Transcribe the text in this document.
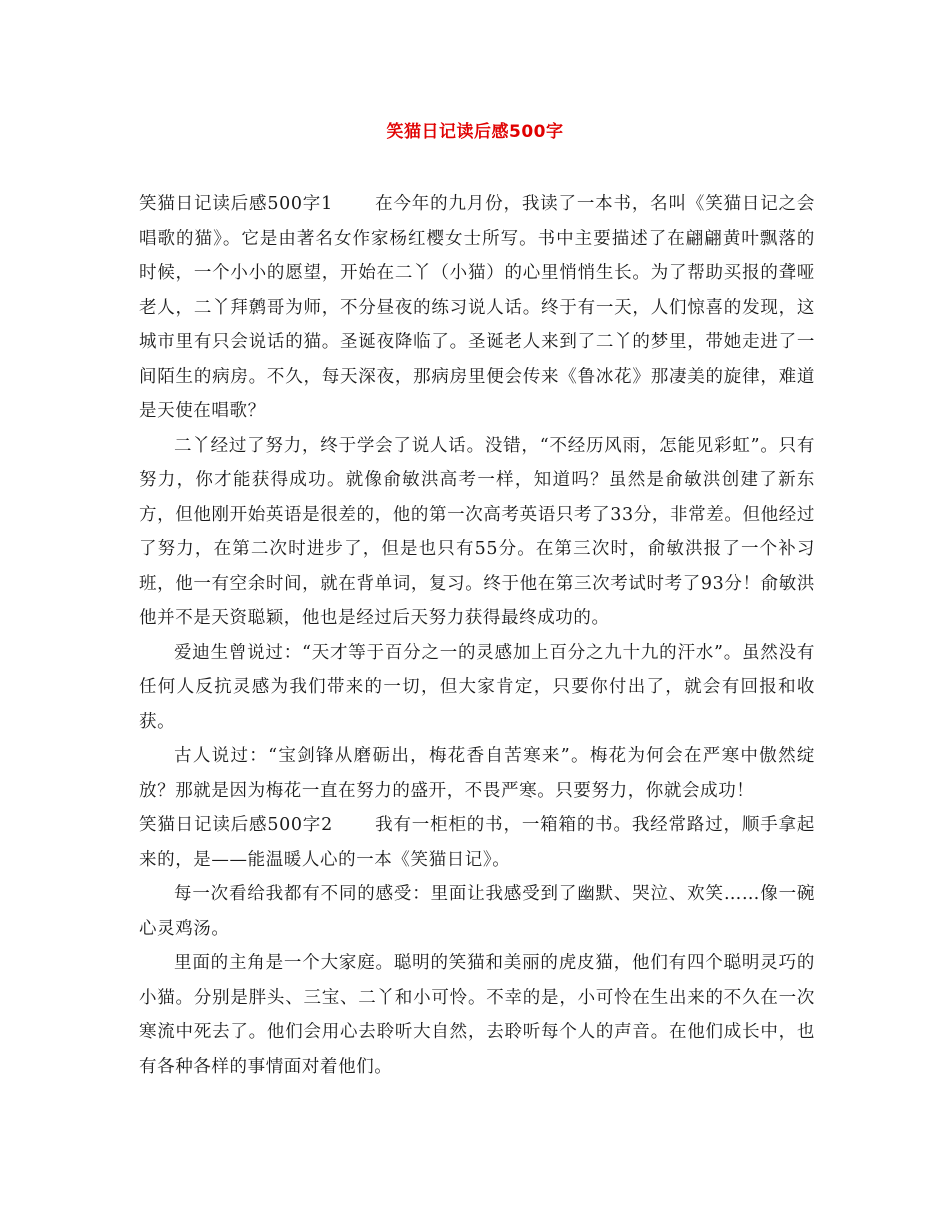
笑猫日记读后感500字

笑猫日记读后感500字1 在今年的九月份，我读了一本书，名叫《笑猫日记之会唱歌的猫》。它是由著名女作家杨红樱女士所写。书中主要描述了在翩翩黄叶飘落的时候，一个小小的愿望，开始在二丫（小猫）的心里悄悄生长。为了帮助买报的聋哑老人，二丫拜鹩哥为师，不分昼夜的练习说人话。终于有一天，人们惊喜的发现，这城市里有只会说话的猫。圣诞夜降临了。圣诞老人来到了二丫的梦里，带她走进了一间陌生的病房。不久，每天深夜，那病房里便会传来《鲁冰花》那凄美的旋律，难道是天使在唱歌？

二丫经过了努力，终于学会了说人话。没错，“不经历风雨，怎能见彩虹”。只有努力，你才能获得成功。就像俞敏洪高考一样，知道吗？虽然是俞敏洪创建了新东方，但他刚开始英语是很差的，他的第一次高考英语只考了33分，非常差。但他经过了努力，在第二次时进步了，但是也只有55分。在第三次时，俞敏洪报了一个补习班，他一有空余时间，就在背单词，复习。终于他在第三次考试时考了93分！俞敏洪他并不是天资聪颖，他也是经过后天努力获得最终成功的。

爱迪生曾说过：“天才等于百分之一的灵感加上百分之九十九的汗水”。虽然没有任何人反抗灵感为我们带来的一切，但大家肯定，只要你付出了，就会有回报和收获。

古人说过：“宝剑锋从磨砺出，梅花香自苦寒来”。梅花为何会在严寒中傲然绽放？那就是因为梅花一直在努力的盛开，不畏严寒。只要努力，你就会成功！

笑猫日记读后感500字2 我有一柜柜的书，一箱箱的书。我经常路过，顺手拿起来的，是——能温暖人心的一本《笑猫日记》。

每一次看给我都有不同的感受：里面让我感受到了幽默、哭泣、欢笑……像一碗心灵鸡汤。

里面的主角是一个大家庭。聪明的笑猫和美丽的虎皮猫，他们有四个聪明灵巧的小猫。分别是胖头、三宝、二丫和小可怜。不幸的是，小可怜在生出来的不久在一次寒流中死去了。他们会用心去聆听大自然，去聆听每个人的声音。在他们成长中，也有各种各样的事情面对着他们。
